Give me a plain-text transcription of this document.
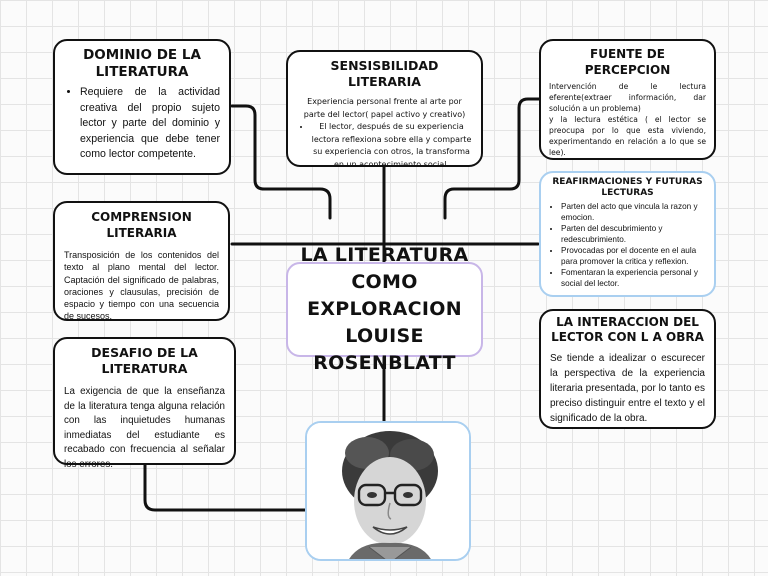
DOMINIO DE LA LITERATURA
• Requiere de la actividad creativa del propio sujeto lector y parte del dominio y experiencia que debe tener como lector competente.
SENSISBILIDAD LITERARIA
Experiencia personal frente al arte por parte del lector( papel activo y creativo)
• El lector, después de su experiencia lectora reflexiona sobre ella y comparte su experiencia con otros, la transforma en un acontecimiento social.
FUENTE DE PERCEPCION
Intervención de le lectura eferente(extraer información, dar solución a un problema)
y la lectura estética ( el lector se preocupa por lo que esta viviendo, experimentando en relación a lo que se lee).
COMPRENSION LITERARIA
Transposición de los contenidos del texto al plano mental del lector. Captación del significado de palabras, oraciones y clausulas, precisión de espacio y tiempo con una secuencia de sucesos.
REAFIRMACIONES Y FUTURAS LECTURAS
• Parten del acto que vincula la razon y emocion.
• Parten del descubrimiento y redescubrimiento.
• Provocadas por el docente en el aula para promover la critica y reflexion.
• Fomentaran la experiencia personal y social del lector.
LA LITERATURA
COMO EXPLORACION
LOUISE ROSENBLATT
LA INTERACCION DEL LECTOR CON L A OBRA
Se tiende a idealizar o escurecer la perspectiva de la experiencia literaria presentada, por lo tanto es preciso distinguir entre el texto y el significado de la obra.
DESAFIO DE LA LITERATURA
La exigencia de que la enseñanza de la literatura tenga alguna relación con las inquietudes humanas inmediatas del estudiante es recabado con frecuencia al señalar los errores.
